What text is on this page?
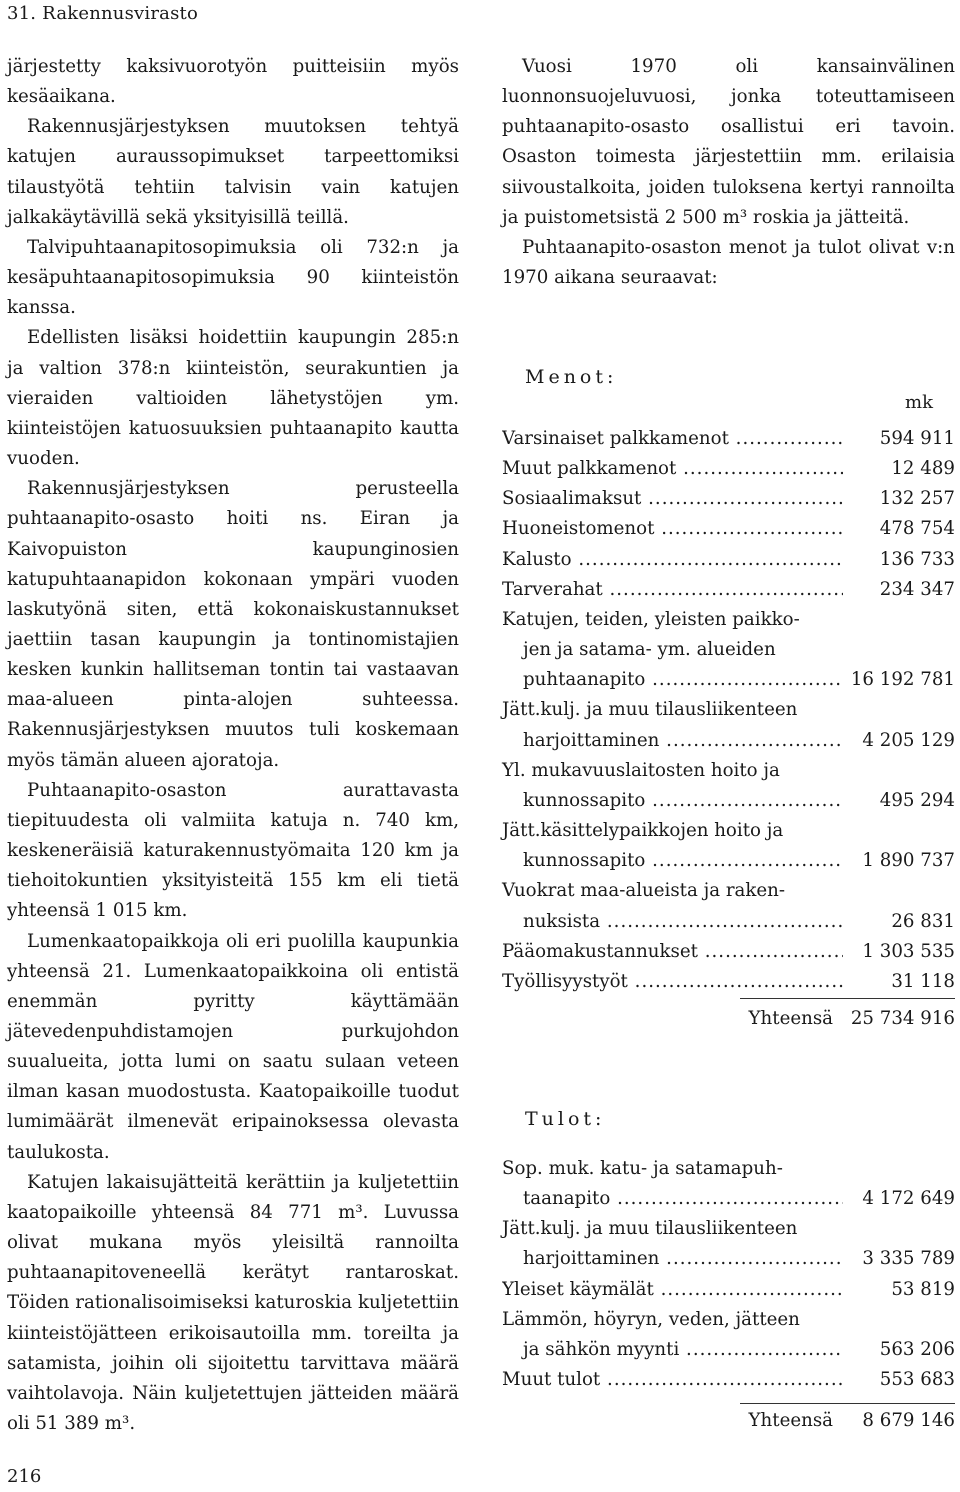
31. Rakennusvirasto

järjestetty kaksivuorotyön puitteisiin myös kesäaikana.

Rakennusjärjestyksen muutoksen tehtyä katujen auraussopimukset tarpeettomiksi tilaustyötä tehtiin talvisin vain katujen jalkakäytävillä sekä yksityisillä teillä.

Talvipuhtaanapitosopimuksia oli 732:n ja kesäpuhtaanapitosopimuksia 90 kiinteistön kanssa.

Edellisten lisäksi hoidettiin kaupungin 285:n ja valtion 378:n kiinteistön, seurakuntien ja vieraiden valtioiden lähetystöjen ym. kiinteistöjen katuosuuksien puhtaanapito kautta vuoden.

Rakennusjärjestyksen perusteella puhtaanapito-osasto hoiti ns. Eiran ja Kaivopuiston kaupunginosien katupuhtaanapidon kokonaan ympäri vuoden laskutyönä siten, että kokonaiskustannukset jaettiin tasan kaupungin ja tontinomistajien kesken kunkin hallitseman tontin tai vastaavan maa-alueen pinta-alojen suhteessa. Rakennusjärjestyksen muutos tuli koskemaan myös tämän alueen ajoratoja.

Puhtaanapito-osaston aurattavasta tiepituudesta oli valmiita katuja n. 740 km, keskeneräisiä katurakennustyömaita 120 km ja tiehoitokuntien yksityisteitä 155 km eli tietä yhteensä 1 015 km.

Lumenkaatopaikkoja oli eri puolilla kaupunkia yhteensä 21. Lumenkaatopaikkoina oli entistä enemmän pyritty käyttämään jätevedenpuhdistamojen purkujohdon suualueita, jotta lumi on saatu sulaan veteen ilman kasan muodostusta. Kaatopaikoille tuodut lumimäärät ilmenevät eripainoksessa olevasta taulukosta.

Katujen lakaisujätteitä kerättiin ja kuljetettiin kaatopaikoille yhteensä 84 771 m³. Luvussa olivat mukana myös yleisiltä rannoilta puhtaanapitoveneellä kerätyt rantaroskat. Töiden rationalisoimiseksi katuroskia kuljetettiin kiinteistöjätteen erikoisautoilla mm. toreilta ja satamista, joihin oli sijoitettu tarvittava määrä vaihtolavoja. Näin kuljetettujen jätteiden määrä oli 51 389 m³.

Vuosi 1970 oli kansainvälinen luonnonsuojeluvuosi, jonka toteuttamiseen puhtaanapito-osasto osallistui eri tavoin. Osaston toimesta järjestettiin mm. erilaisia siivoustalkoita, joiden tuloksena kertyi rannoilta ja puistometsistä 2 500 m³ roskia ja jätteitä.

Puhtaanapito-osaston menot ja tulot olivat v:n 1970 aikana seuraavat:

Menot:
mk
Varsinaiset palkkamenot .....	594 911
Muut palkkamenot .....	12 489
Sosiaalimaksut .....	132 257
Huoneistomenot .....	478 754
Kalusto .....	136 733
Tarverahat .....	234 347
Katujen, teiden, yleisten paikko-
jen ja satama- ym. alueiden
puhtaanapito .....	16 192 781
Jätt.kulj. ja muu tilausliikenteen
harjoittaminen .....	4 205 129
Yl. mukavuuslaitosten hoito ja
kunnossapito .....	495 294
Jätt.käsittelypaikkojen hoito ja
kunnossapito .....	1 890 737
Vuokrat maa-alueista ja raken-
nuksista .....	26 831
Pääomakustannukset .....	1 303 535
Työllisyystyöt .....	31 118
Yhteensä 25 734 916
Tulot:
Sop. muk. katu- ja satamapuh-
taanapito .....	4 172 649
Jätt.kulj. ja muu tilausliikenteen
harjoittaminen .....	3 335 789
Yleiset käymälät .....	53 819
Lämmön, höyryn, veden, jätteen
ja sähkön myynti .....	563 206
Muut tulot .....	553 683
Yhteensä	8 679 146
216
